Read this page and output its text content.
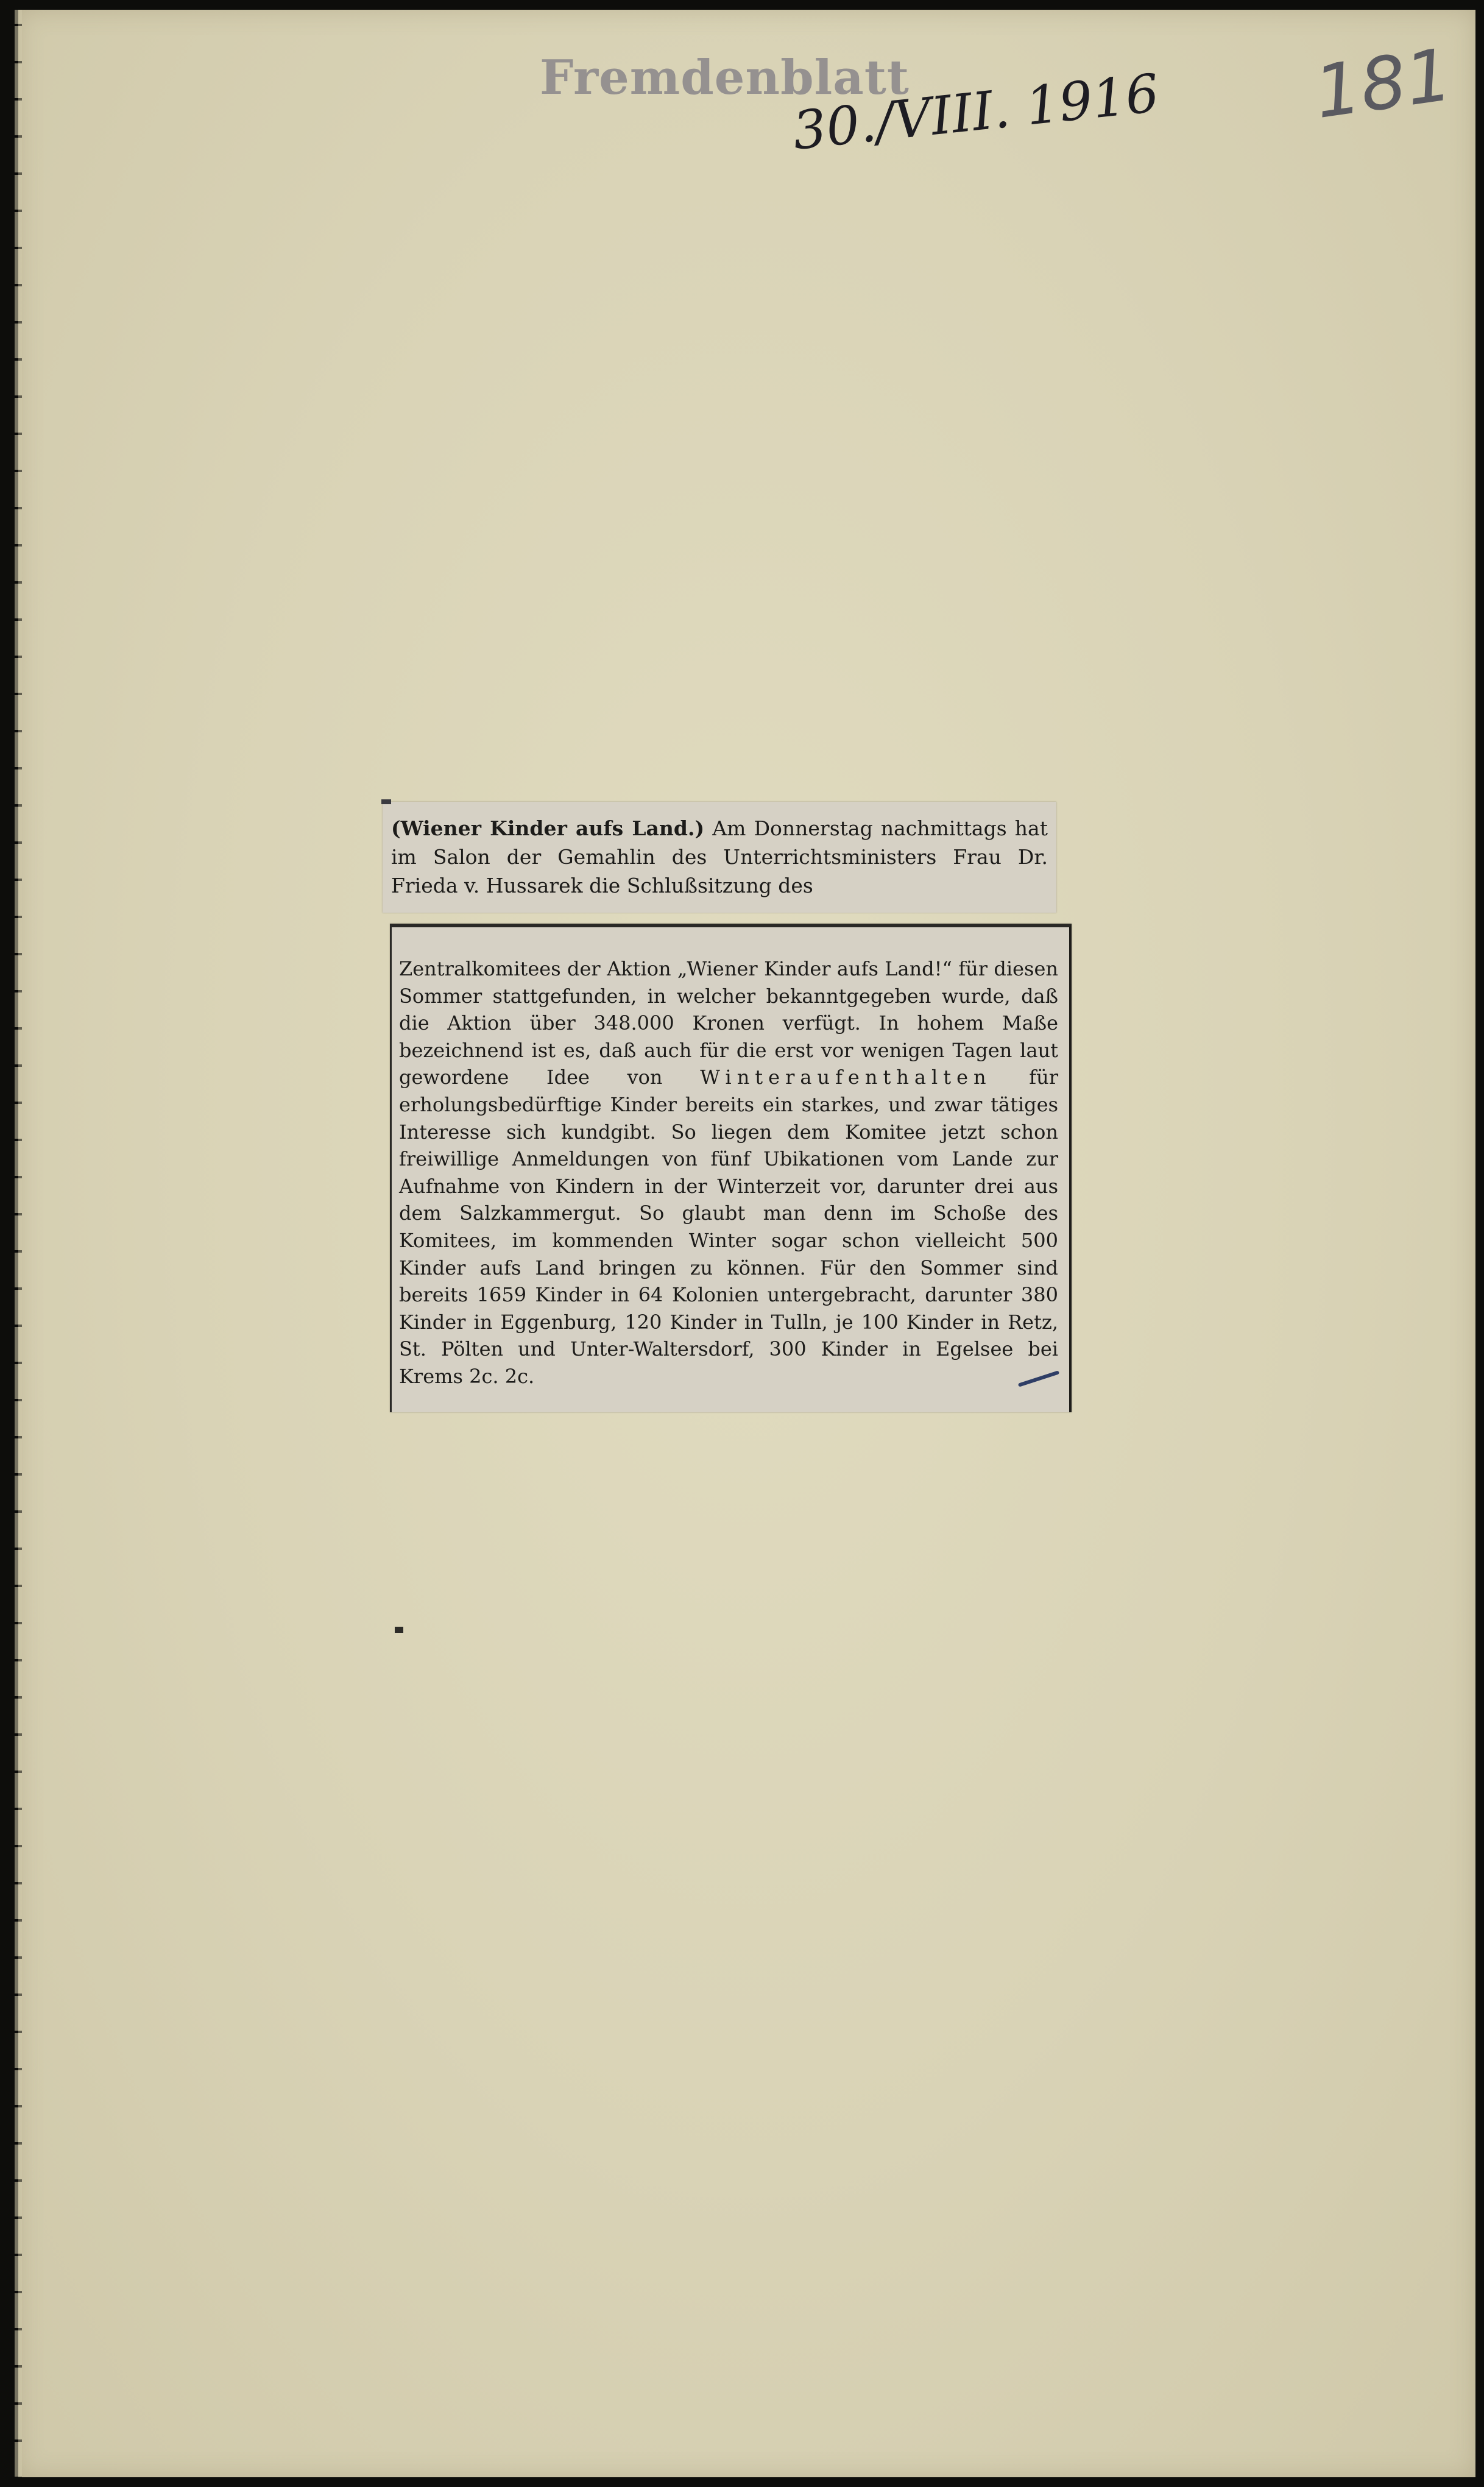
Fremdenblatt
30./VIII. 1916 181
(Wiener Kinder aufs Land.) Am Donnerstag nachmittags hat im Salon der Gemahlin des Unterrichtsministers Frau Dr. Frieda v. Hussarek die Schlußsitzung des
Zentralkomitees der Aktion „Wiener Kinder aufs Land!“ für diesen Sommer stattgefunden, in welcher bekanntgegeben wurde, daß die Aktion über 348.000 Kronen verfügt. In hohem Maße bezeichnend ist es, daß auch für die erst vor wenigen Tagen laut gewordene Idee von Winteraufenthalten für erholungsbedürftige Kinder bereits ein starkes, und zwar tätiges Interesse sich kundgibt. So liegen dem Komitee jetzt schon freiwillige Anmeldungen von fünf Ubikationen vom Lande zur Aufnahme von Kindern in der Winterzeit vor, darunter drei aus dem Salzkammergut. So glaubt man denn im Schoße des Komitees, im kommenden Winter sogar schon vielleicht 500 Kinder aufs Land bringen zu können. Für den Sommer sind bereits 1659 Kinder in 64 Kolonien untergebracht, darunter 380 Kinder in Eggenburg, 120 Kinder in Tulln, je 100 Kinder in Retz, St. Pölten und Unter-Waltersdorf, 300 Kinder in Egelsee bei Krems 2c. 2c.
